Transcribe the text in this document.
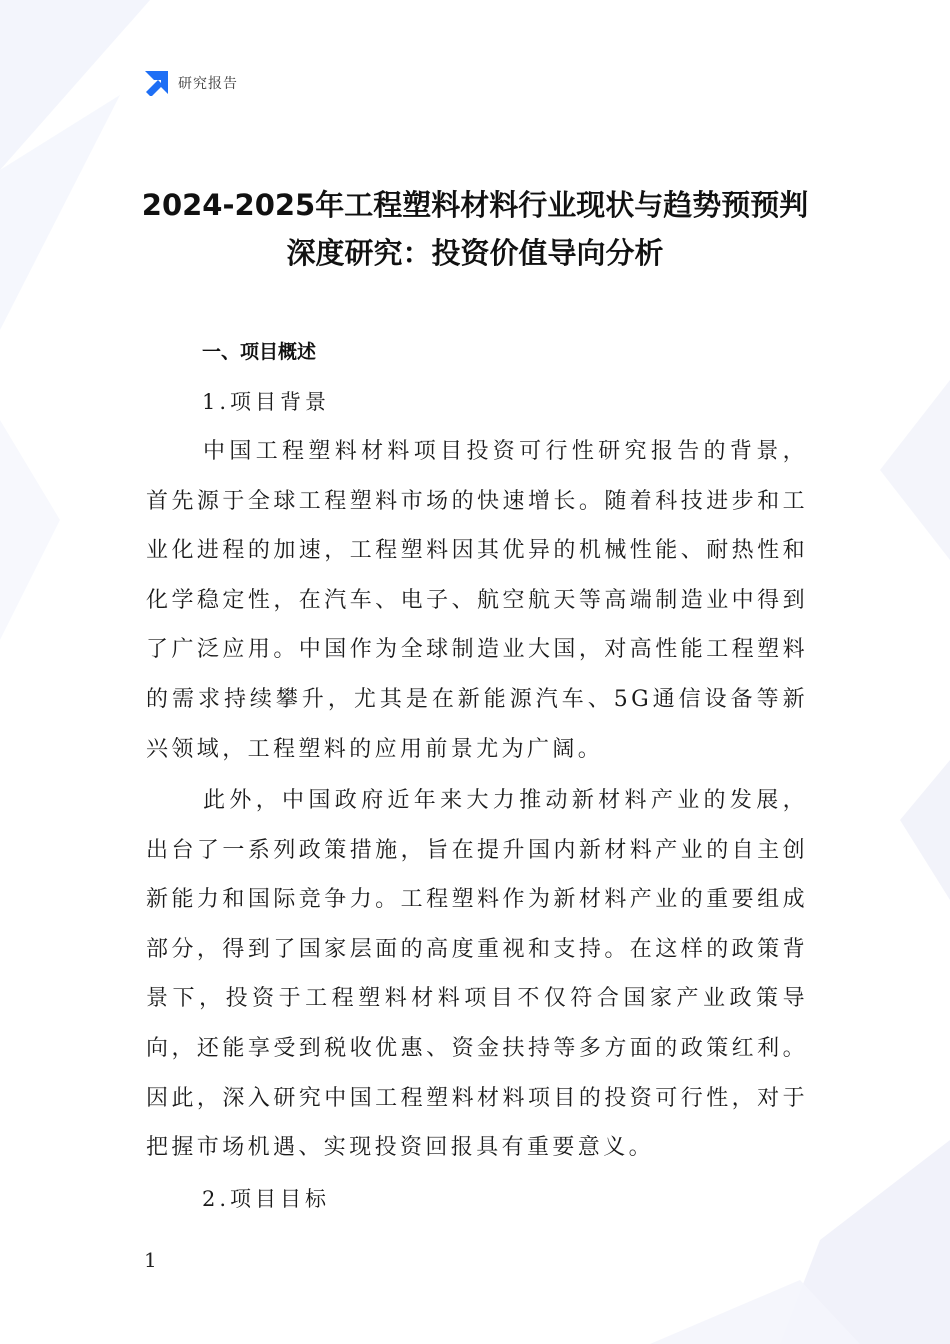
研究报告
2024-2025年工程塑料材料行业现状与趋势预预判
深度研究：投资价值导向分析
一、项目概述
1.项目背景

中国工程塑料材料项目投资可行性研究报告的背景，首先源于全球工程塑料市场的快速增长。随着科技进步和工业化进程的加速，工程塑料因其优异的机械性能、耐热性和化学稳定性，在汽车、电子、航空航天等高端制造业中得到了广泛应用。中国作为全球制造业大国，对高性能工程塑料的需求持续攀升，尤其是在新能源汽车、5G通信设备等新兴领域，工程塑料的应用前景尤为广阔。

此外，中国政府近年来大力推动新材料产业的发展，出台了一系列政策措施，旨在提升国内新材料产业的自主创新能力和国际竞争力。工程塑料作为新材料产业的重要组成部分，得到了国家层面的高度重视和支持。在这样的政策背景下，投资于工程塑料材料项目不仅符合国家产业政策导向，还能享受到税收优惠、资金扶持等多方面的政策红利。因此，深入研究中国工程塑料材料项目的投资可行性，对于把握市场机遇、实现投资回报具有重要意义。

2.项目目标
1
